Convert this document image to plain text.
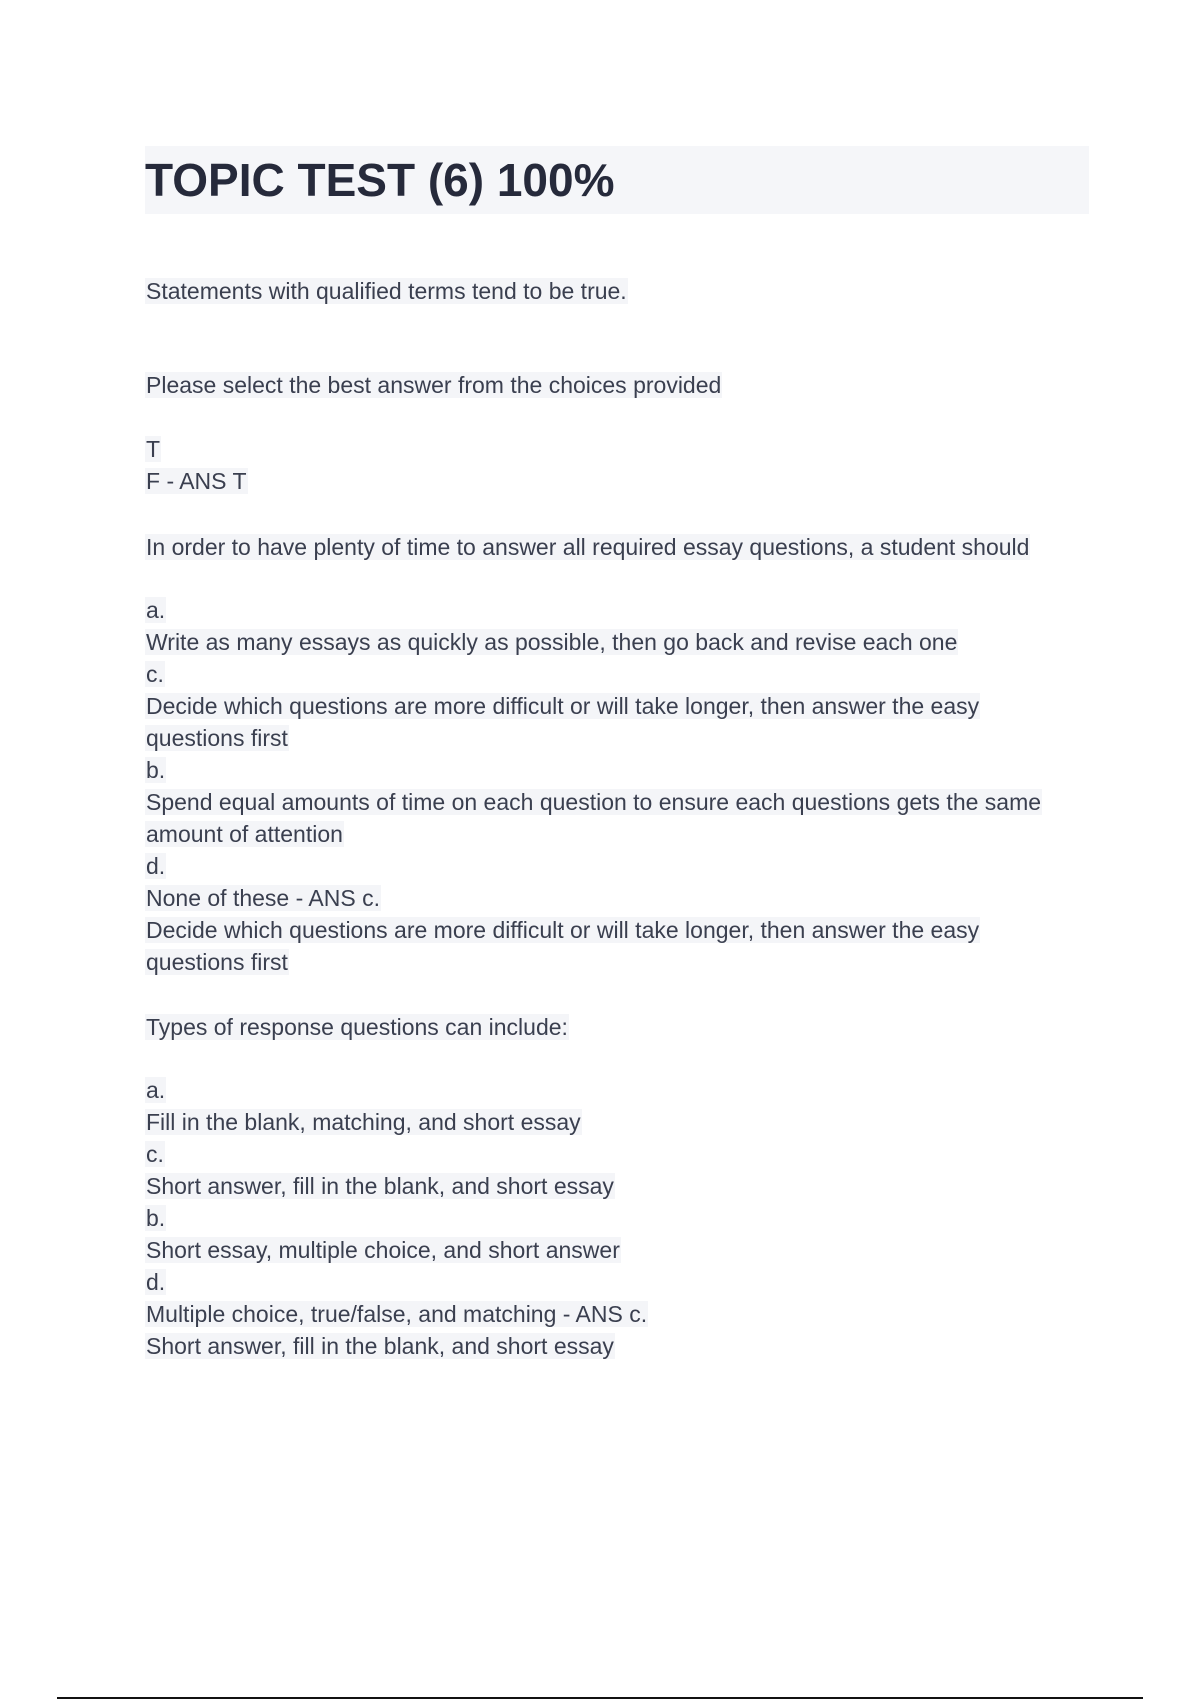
TOPIC TEST (6) 100%
Statements with qualified terms tend to be true.
Please select the best answer from the choices provided
T
F - ANS T
In order to have plenty of time to answer all required essay questions, a student should
a.
Write as many essays as quickly as possible, then go back and revise each one
c.
Decide which questions are more difficult or will take longer, then answer the easy
questions first
b.
Spend equal amounts of time on each question to ensure each questions gets the same
amount of attention
d.
None of these - ANS c.
Decide which questions are more difficult or will take longer, then answer the easy
questions first
Types of response questions can include:
a.
Fill in the blank, matching, and short essay
c.
Short answer, fill in the blank, and short essay
b.
Short essay, multiple choice, and short answer
d.
Multiple choice, true/false, and matching - ANS c.
Short answer, fill in the blank, and short essay
